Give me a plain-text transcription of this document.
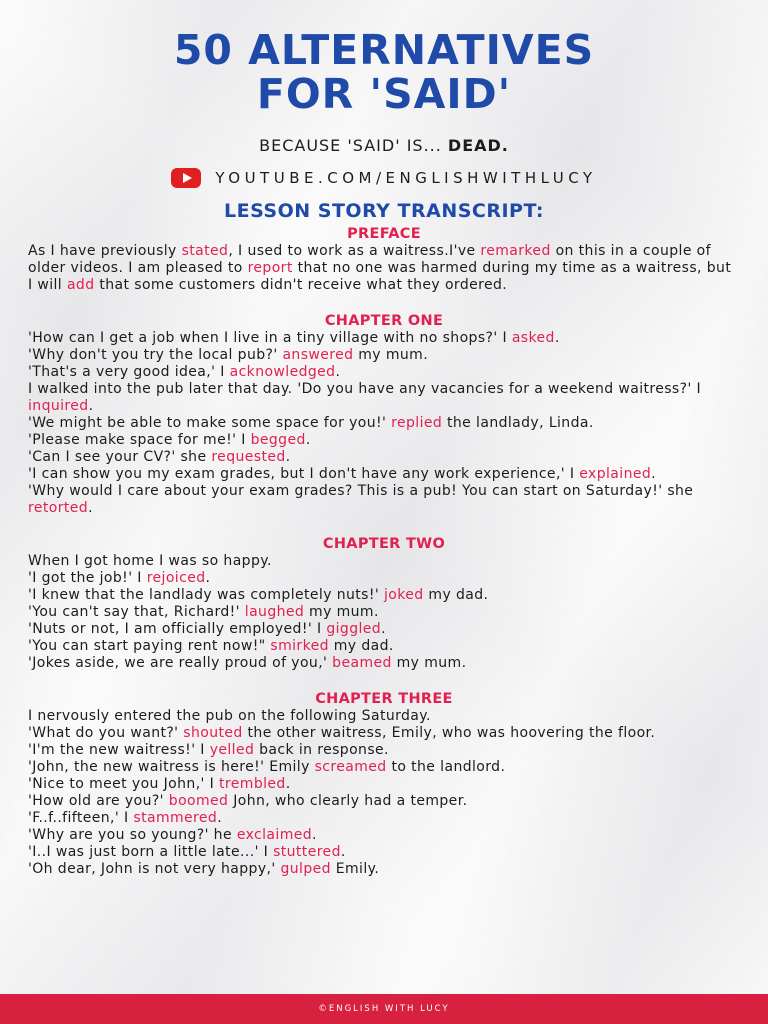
50 ALTERNATIVES
FOR 'SAID'
BECAUSE 'SAID' IS... DEAD.
YOUTUBE.COM/ENGLISHWITHLUCY
LESSON STORY TRANSCRIPT:
PREFACE

As I have previously stated, I used to work as a waitress.I've remarked on this in a couple of older videos. I am pleased to report that no one was harmed during my time as a waitress, but I will add that some customers didn't receive what they ordered.

CHAPTER ONE

'How can I get a job when I live in a tiny village with no shops?' I asked.

'Why don't you try the local pub?' answered my mum.

'That's a very good idea,' I acknowledged.

I walked into the pub later that day. 'Do you have any vacancies for a weekend waitress?' I inquired.

'We might be able to make some space for you!' replied the landlady, Linda.

'Please make space for me!' I begged.

'Can I see your CV?' she requested.

'I can show you my exam grades, but I don't have any work experience,' I explained.

'Why would I care about your exam grades? This is a pub! You can start on Saturday!' she retorted.

CHAPTER TWO

When I got home I was so happy.

'I got the job!' I rejoiced.

'I knew that the landlady was completely nuts!' joked my dad.

'You can't say that, Richard!' laughed my mum.

'Nuts or not, I am officially employed!' I giggled.

'You can start paying rent now!" smirked my dad.

'Jokes aside, we are really proud of you,' beamed my mum.

CHAPTER THREE

I nervously entered the pub on the following Saturday.

'What do you want?' shouted the other waitress, Emily, who was hoovering the floor.

'I'm the new waitress!' I yelled back in response.

'John, the new waitress is here!' Emily screamed to the landlord.

'Nice to meet you John,' I trembled.

'How old are you?' boomed John, who clearly had a temper.

'F..f..fifteen,' I stammered.

'Why are you so young?' he exclaimed.

'I..I was just born a little late...' I stuttered.

'Oh dear, John is not very happy,' gulped Emily.

©ENGLISH WITH LUCY
